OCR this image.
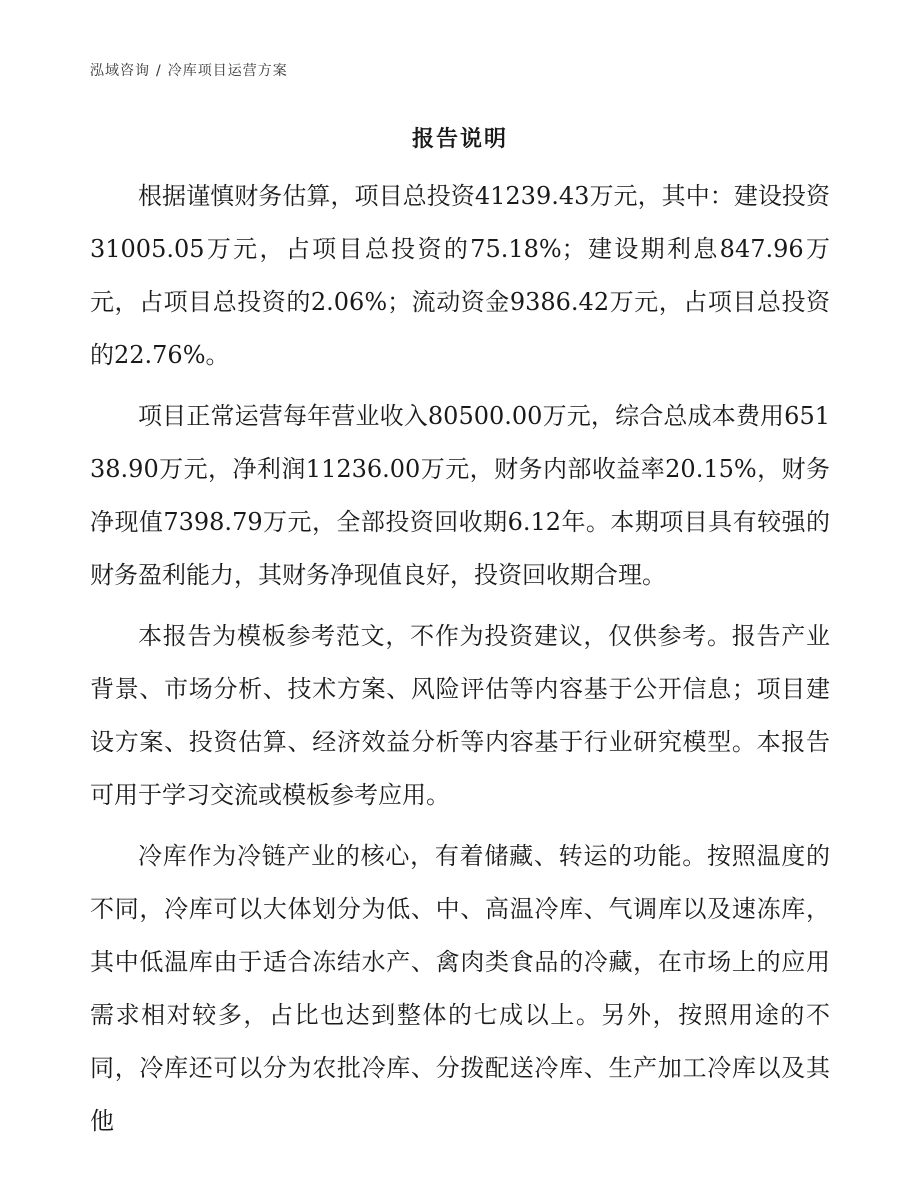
泓域咨询 / 冷库项目运营方案
报告说明

根据谨慎财务估算，项目总投资41239.43万元，其中：建设投资31005.05万元，占项目总投资的75.18%；建设期利息847.96万元，占项目总投资的2.06%；流动资金9386.42万元，占项目总投资的22.76%。

项目正常运营每年营业收入80500.00万元，综合总成本费用65138.90万元，净利润11236.00万元，财务内部收益率20.15%，财务净现值7398.79万元，全部投资回收期6.12年。本期项目具有较强的财务盈利能力，其财务净现值良好，投资回收期合理。

本报告为模板参考范文，不作为投资建议，仅供参考。报告产业背景、市场分析、技术方案、风险评估等内容基于公开信息；项目建设方案、投资估算、经济效益分析等内容基于行业研究模型。本报告可用于学习交流或模板参考应用。

冷库作为冷链产业的核心，有着储藏、转运的功能。按照温度的不同，冷库可以大体划分为低、中、高温冷库、气调库以及速冻库，其中低温库由于适合冻结水产、禽肉类食品的冷藏，在市场上的应用需求相对较多，占比也达到整体的七成以上。另外，按照用途的不同，冷库还可以分为农批冷库、分拨配送冷库、生产加工冷库以及其他
